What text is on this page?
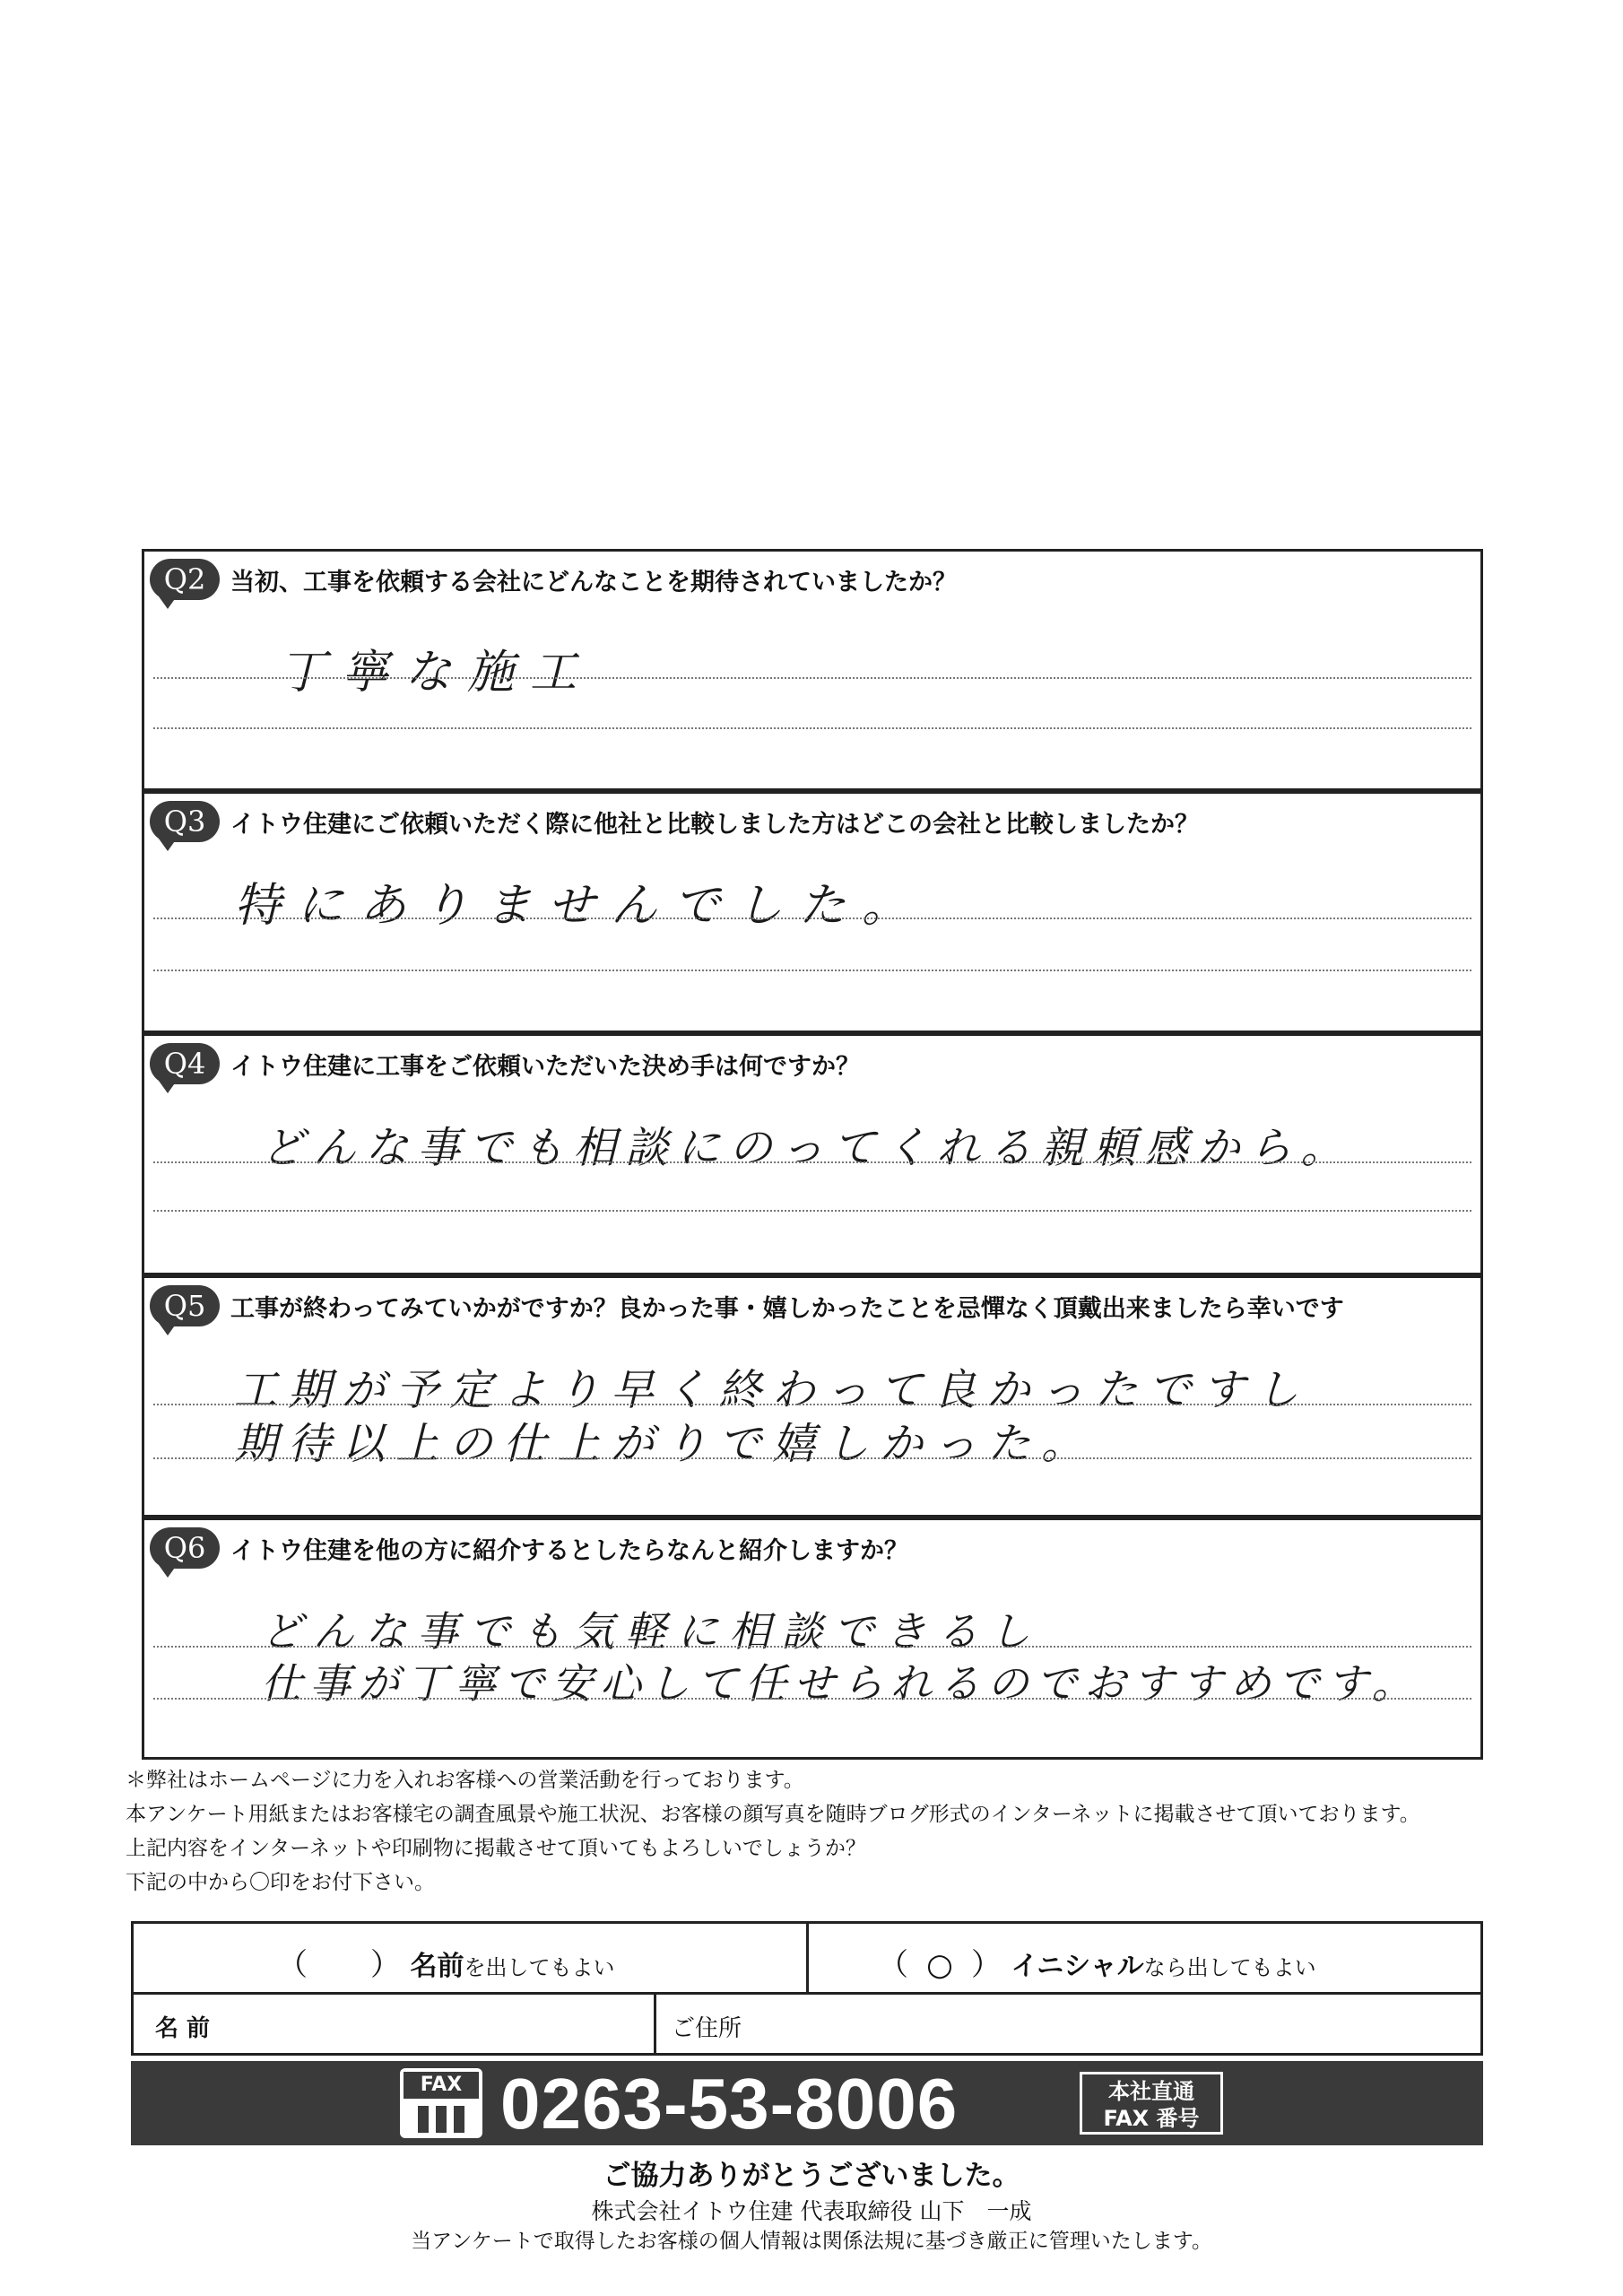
Q2	当初、工事を依頼する会社にどんなことを期待されていましたか？
丁寧な施工
Q3	イトウ住建にご依頼いただく際に他社と比較しました方はどこの会社と比較しましたか？
特にありませんでした。
Q4	イトウ住建に工事をご依頼いただいた決め手は何ですか？
どんな事でも相談にのってくれる親頼感から。
Q5	工事が終わってみていかがですか？良かった事・嬉しかったことを忌憚なく頂戴出来ましたら幸いです
工期が予定より早く終わって良かったですし
期待以上の仕上がりで嬉しかった。
Q6	イトウ住建を他の方に紹介するとしたらなんと紹介しますか？
どんな事でも気軽に相談できるし
仕事が丁寧で安心して任せられるのでおすすめです。
＊弊社はホームページに力を入れお客様への営業活動を行っております。
本アンケート用紙またはお客様宅の調査風景や施工状況、お客様の顔写真を随時ブログ形式のインターネットに掲載させて頂いております。
上記内容をインターネットや印刷物に掲載させて頂いてもよろしいでしょうか？
下記の中から〇印をお付下さい。
（ ） 名前を出してもよい	（ ○ ） イニシャルなら出してもよい
名 前	ご住所
FAX 0263-53-8006	本社直通
FAX 番号
ご協力ありがとうございました。
株式会社イトウ住建 代表取締役 山下　一成
当アンケートで取得したお客様の個人情報は関係法規に基づき厳正に管理いたします。
